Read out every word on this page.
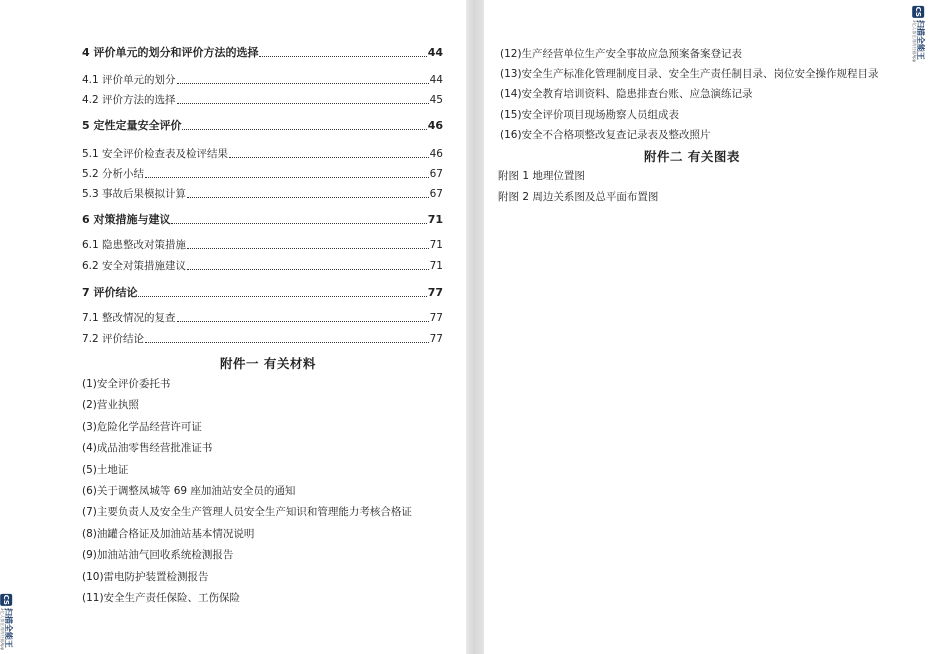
4 评价单元的划分和评价方法的选择	44
4.1 评价单元的划分	44
4.2 评价方法的选择	45
5 定性定量安全评价	46
5.1 安全评价检查表及检评结果	46
5.2 分析小结	67
5.3 事故后果模拟计算	67
6 对策措施与建议	71
6.1 隐患整改对策措施	71
6.2 安全对策措施建议	71
7 评价结论	77
7.1 整改情况的复查	77
7.2 评价结论	77
附件一 有关材料
(1)安全评价委托书
(2)营业执照
(3)危险化学品经营许可证
(4)成品油零售经营批准证书
(5)土地证
(6)关于调整凤城等 69 座加油站安全员的通知
(7)主要负责人及安全生产管理人员安全生产知识和管理能力考核合格证
(8)油罐合格证及加油站基本情况说明
(9)加油站油气回收系统检测报告
(10)雷电防护装置检测报告
(11)安全生产责任保险、工伤保险
CS
扫描全能王
3亿人都在用的扫描App
(12)生产经营单位生产安全事故应急预案备案登记表
(13)安全生产标准化管理制度目录、安全生产责任制目录、岗位安全操作规程目录
(14)安全教育培训资料、隐患排查台账、应急演练记录
(15)安全评价项目现场勘察人员组成表
(16)安全不合格项整改复查记录表及整改照片
附件二 有关图表
附图 1 地理位置图
附图 2 周边关系图及总平面布置图
CS
扫描全能王
3亿人都在用的扫描App
